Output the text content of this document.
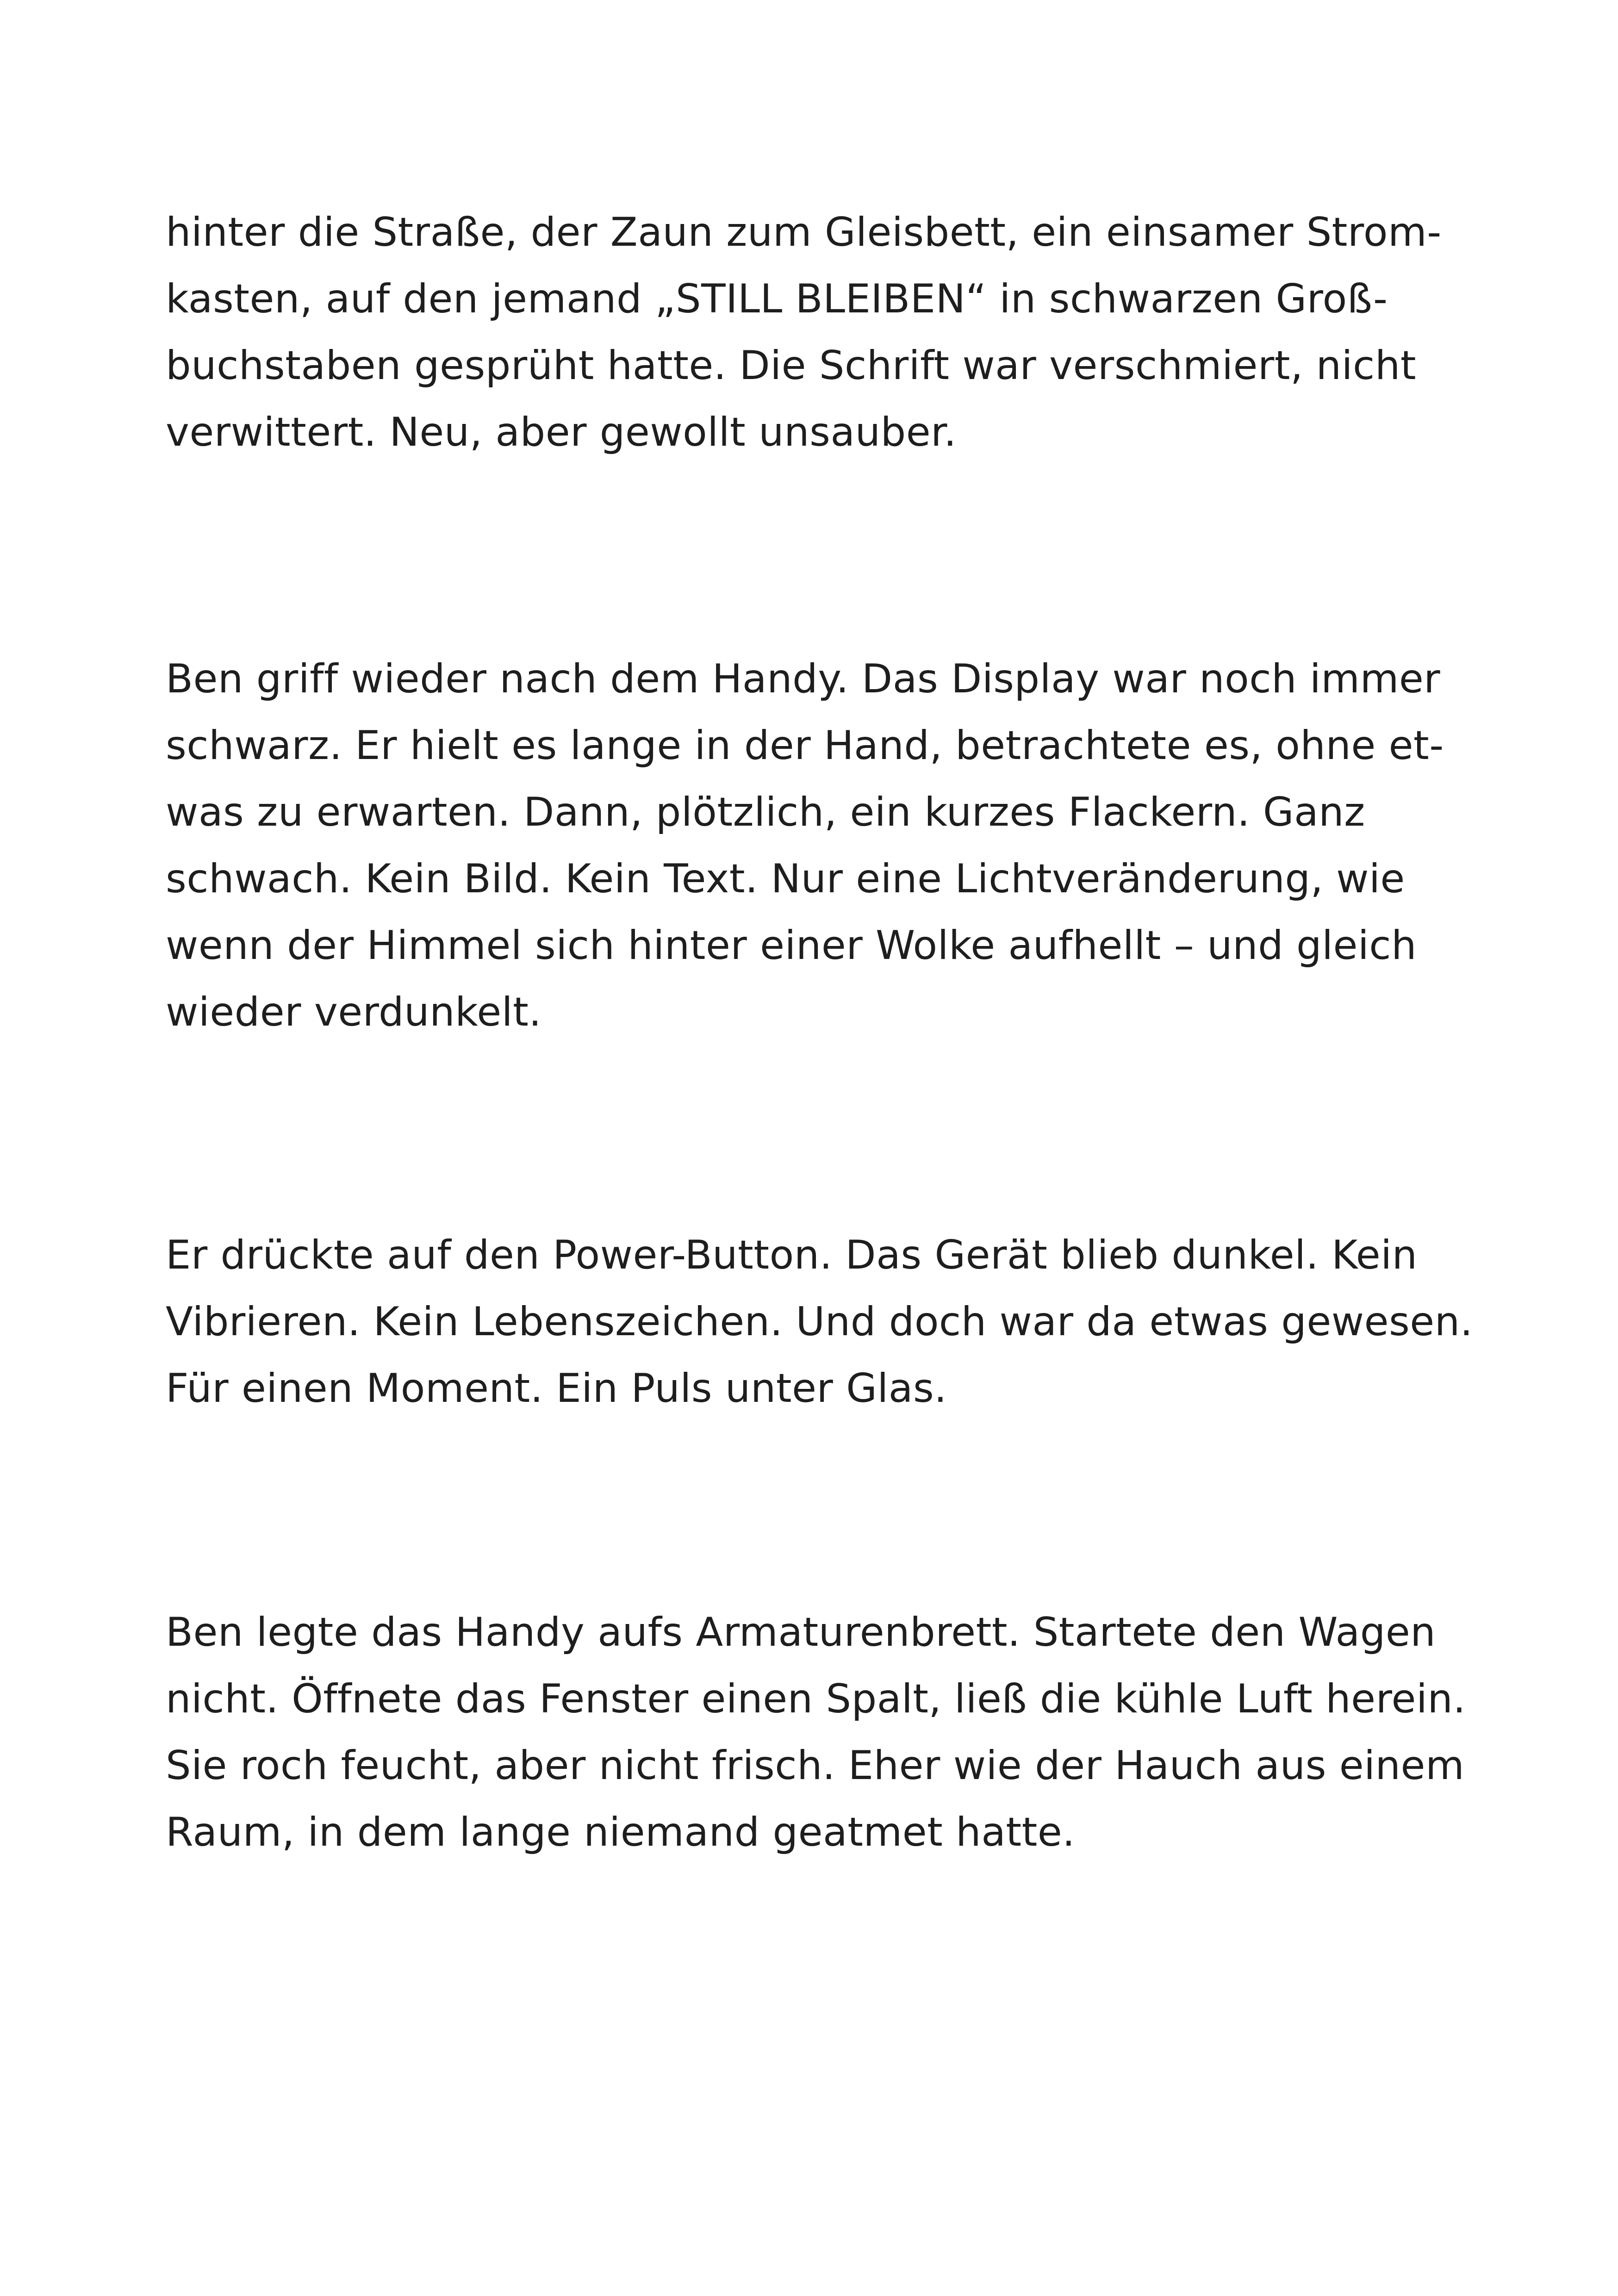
hinter die Straße, der Zaun zum Gleisbett, ein einsamer Strom-
kasten, auf den jemand „STILL BLEIBEN“ in schwarzen Groß-
buchstaben gesprüht hatte. Die Schrift war verschmiert, nicht
verwittert. Neu, aber gewollt unsauber.

Ben griff wieder nach dem Handy. Das Display war noch immer
schwarz. Er hielt es lange in der Hand, betrachtete es, ohne et-
was zu erwarten. Dann, plötzlich, ein kurzes Flackern. Ganz
schwach. Kein Bild. Kein Text. Nur eine Lichtveränderung, wie
wenn der Himmel sich hinter einer Wolke aufhellt – und gleich
wieder verdunkelt.

Er drückte auf den Power-Button. Das Gerät blieb dunkel. Kein
Vibrieren. Kein Lebenszeichen. Und doch war da etwas gewesen.
Für einen Moment. Ein Puls unter Glas.

Ben legte das Handy aufs Armaturenbrett. Startete den Wagen
nicht. Öffnete das Fenster einen Spalt, ließ die kühle Luft herein.
Sie roch feucht, aber nicht frisch. Eher wie der Hauch aus einem
Raum, in dem lange niemand geatmet hatte.
